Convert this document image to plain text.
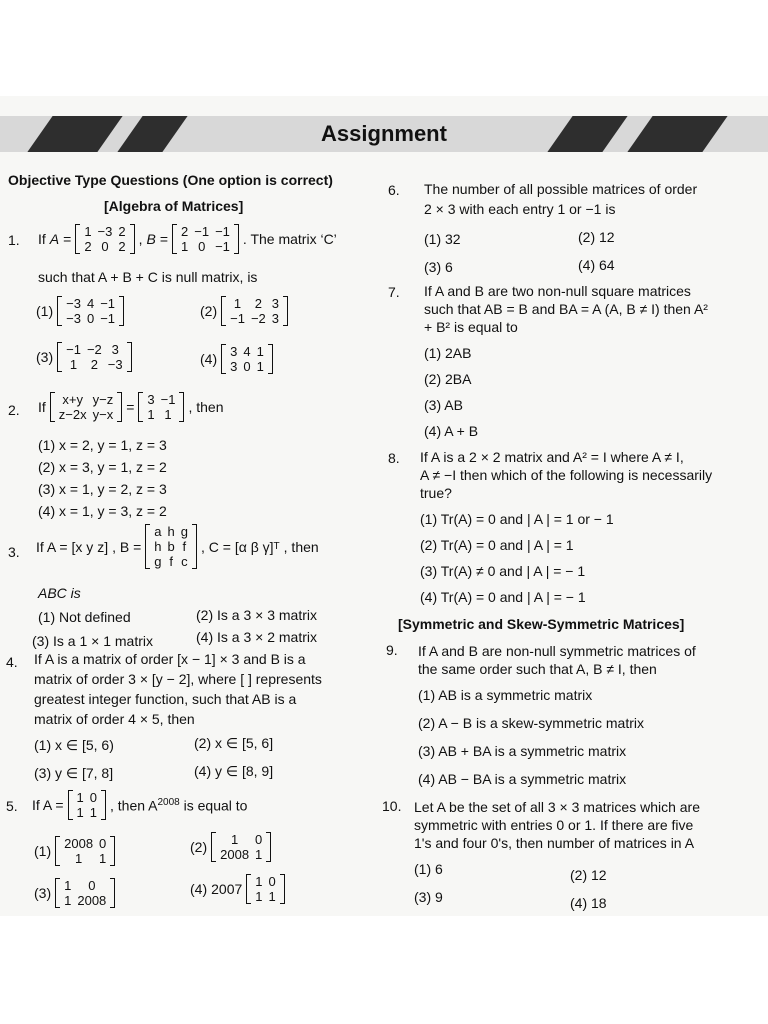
Assignment
Objective Type Questions (One option is correct)
[Algebra of Matrices]
1. If A = 1	−3	2
2	0	2 , B = 2	−1	−1
1	0	−1 . The matrix ‘C’
such that A + B + C is null matrix, is
(1) −3	4	−1
−3	0	−1	(2) 1	2	3
−1	−2	3
(3) −1	−2	3
1	2	−3	(4) 3	4	1
3	0	1
2. If x+y	y−z
z−2x	y−x = 3	−1
1	1 , then
(1) x = 2, y = 1, z = 3
(2) x = 3, y = 1, z = 2
(3) x = 1, y = 2, z = 3
(4) x = 1, y = 3, z = 2
3. If A = [x y z] , B =
a	h	g
h	b	f
g	f	c
, C = [α β γ] T , then
ABC is
(1) Not defined	(2) Is a 3 × 3 matrix
(3) Is a 1 × 1 matrix	(4) Is a 3 × 2 matrix
4. If A is a matrix of order [x − 1] × 3 and B is a
matrix of order 3 × [y − 2], where [ ] represents
greatest integer function, such that AB is a
matrix of order 4 × 5, then
(1) x ∈ [5, 6)	(2) x ∈ [5, 6]
(3) y ∈ [7, 8]	(4) y ∈ [8, 9]
5. If A = 1	0
1	1 , then $A^{2008}$ is equal to
(1) 2008	0
1	1
(2) 1	0
2008	1
(3) 1	0
1	2008
(4) 2007 1	0
1	1
6. The number of all possible matrices of order
2 × 3 with each entry 1 or −1 is
(1) 32	(2) 12
(3) 6	(4) 64
7. If A and B are two non-null square matrices
such that AB = B and BA = A (A, B ≠ I) then A²
+ B² is equal to
(1) 2AB
(2) 2BA
(3) AB
(4) A + B
8. If A is a 2 × 2 matrix and A² = I where A ≠ I,
A ≠ −I then which of the following is necessarily
true?
(1) Tr(A) = 0 and | A | = 1 or − 1
(2) Tr(A) = 0 and | A | = 1
(3) Tr(A) ≠ 0 and | A | = − 1
(4) Tr(A) = 0 and | A | = − 1
[Symmetric and Skew-Symmetric Matrices]
9. If A and B are non-null symmetric matrices of
the same order such that A, B ≠ I, then
(1) AB is a symmetric matrix
(2) A − B is a skew-symmetric matrix
(3) AB + BA is a symmetric matrix
(4) AB − BA is a symmetric matrix
10. Let A be the set of all 3 × 3 matrices which are
symmetric with entries 0 or 1. If there are five
1's and four 0's, then number of matrices in A
(1) 6	(2) 12
(3) 9	(4) 18
